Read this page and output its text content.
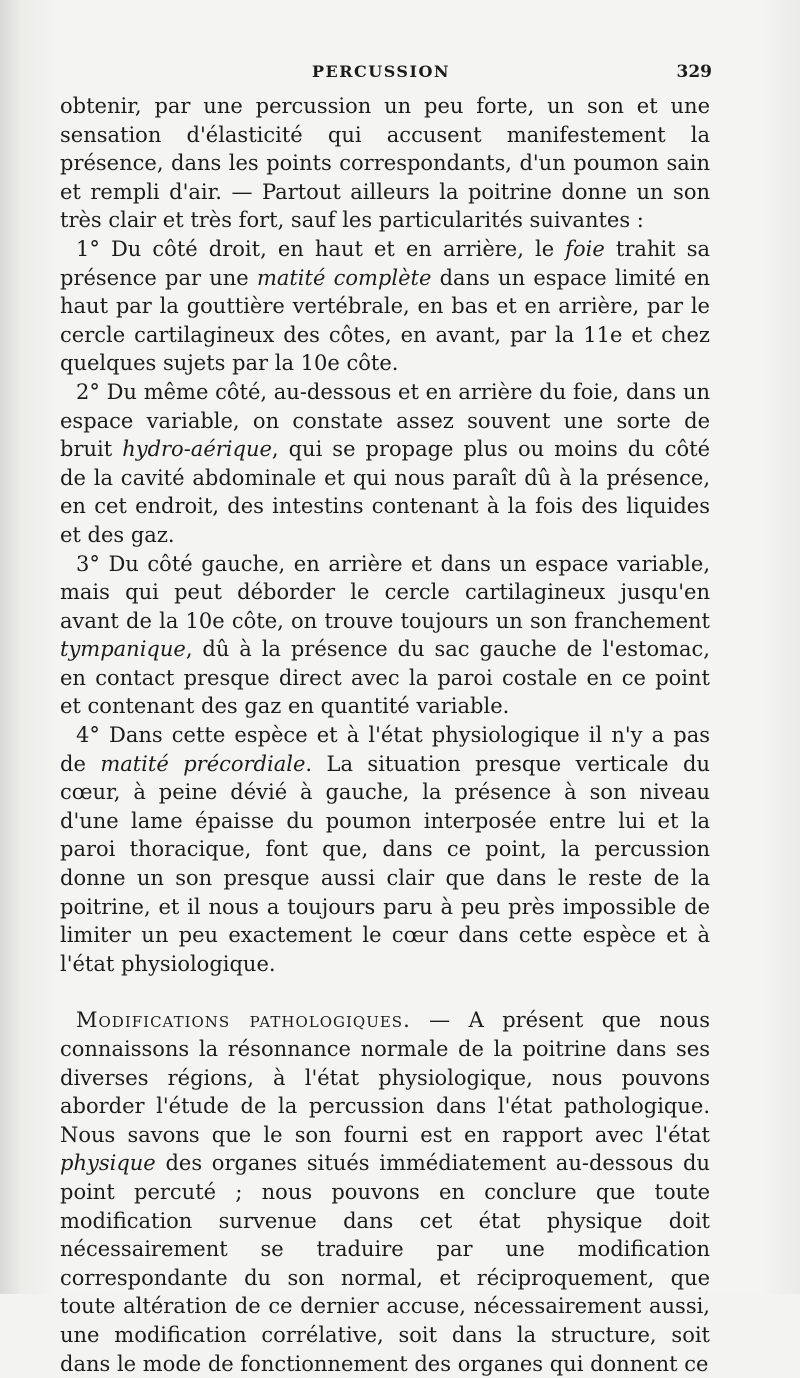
PERCUSSION	329

obtenir, par une percussion un peu forte, un son et une sensation d'élasticité qui accusent manifestement la présence, dans les points correspondants, d'un poumon sain et rempli d'air. — Partout ailleurs la poitrine donne un son très clair et très fort, sauf les particularités suivantes :

1° Du côté droit, en haut et en arrière, le foie trahit sa présence par une matité complète dans un espace limité en haut par la gouttière vertébrale, en bas et en arrière, par le cercle cartilagineux des côtes, en avant, par la 11e et chez quelques sujets par la 10e côte.

2° Du même côté, au-dessous et en arrière du foie, dans un espace variable, on constate assez souvent une sorte de bruit hydro-aérique, qui se propage plus ou moins du côté de la cavité abdominale et qui nous paraît dû à la présence, en cet endroit, des intestins contenant à la fois des liquides et des gaz.

3° Du côté gauche, en arrière et dans un espace variable, mais qui peut déborder le cercle cartilagineux jusqu'en avant de la 10e côte, on trouve toujours un son franchement tympanique, dû à la présence du sac gauche de l'estomac, en contact presque direct avec la paroi costale en ce point et contenant des gaz en quantité variable.

4° Dans cette espèce et à l'état physiologique il n'y a pas de matité précordiale. La situation presque verticale du cœur, à peine dévié à gauche, la présence à son niveau d'une lame épaisse du poumon interposée entre lui et la paroi thoracique, font que, dans ce point, la percussion donne un son presque aussi clair que dans le reste de la poitrine, et il nous a toujours paru à peu près impossible de limiter un peu exactement le cœur dans cette espèce et à l'état physiologique.

Modifications pathologiques. — A présent que nous connaissons la résonnance normale de la poitrine dans ses diverses régions, à l'état physiologique, nous pouvons aborder l'étude de la percussion dans l'état pathologique. Nous savons que le son fourni est en rapport avec l'état physique des organes situés immédiatement au-dessous du point percuté ; nous pouvons en conclure que toute modification survenue dans cet état physique doit nécessairement se traduire par une modification correspondante du son normal, et réciproquement, que toute altération de ce dernier accuse, nécessairement aussi, une modification corrélative, soit dans la structure, soit dans le mode de fonctionnement des organes qui donnent ce
